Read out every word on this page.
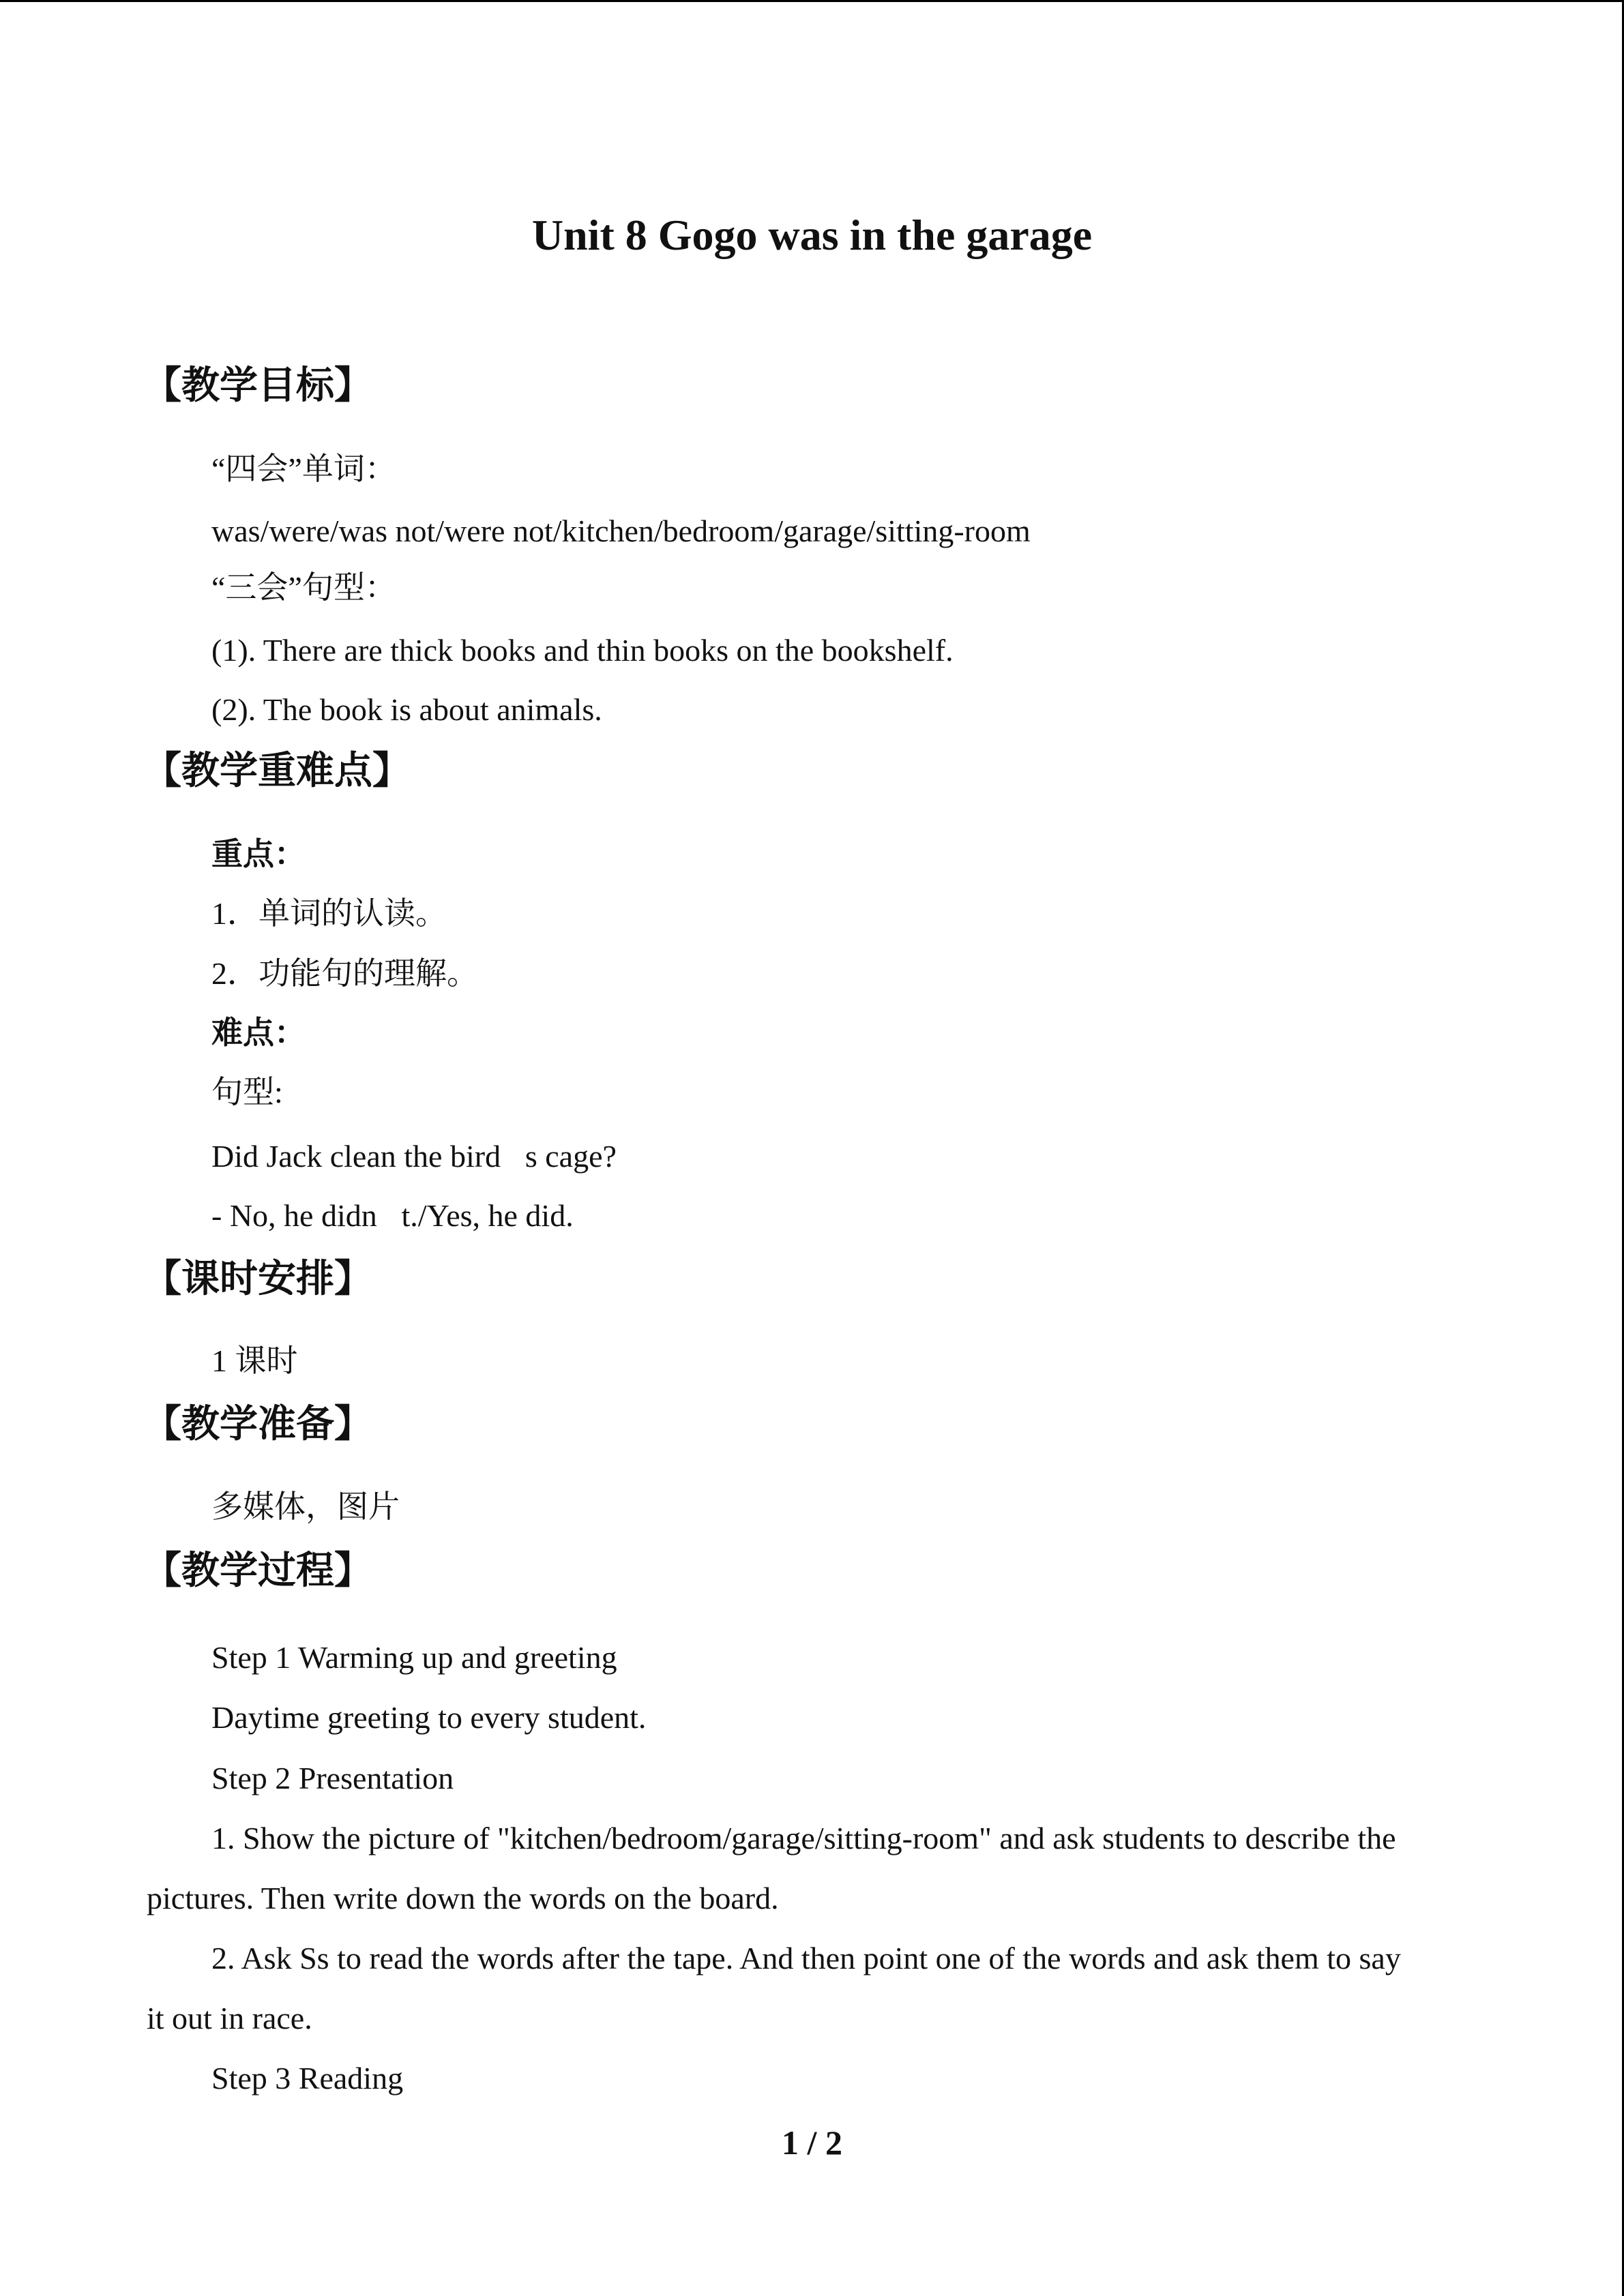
Unit 8 Gogo was in the garage
【教学目标】
“四会”单词：
was/were/was not/were not/kitchen/bedroom/garage/sitting-room
“三会”句型：
(1). There are thick books and thin books on the bookshelf.
(2). The book is about animals.
【教学重难点】
重点：
1．单词的认读。
2．功能句的理解。
难点：
句型:
Did Jack clean the bird s cage?
- No, he didn t./Yes, he did.
【课时安排】
1 课时
【教学准备】
多媒体，图片
【教学过程】
Step 1 Warming up and greeting
Daytime greeting to every student.
Step 2 Presentation
1. Show the picture of "kitchen/bedroom/garage/sitting-room" and ask students to describe the
pictures. Then write down the words on the board.
2. Ask Ss to read the words after the tape. And then point one of the words and ask them to say
it out in race.
Step 3 Reading
1 / 2
